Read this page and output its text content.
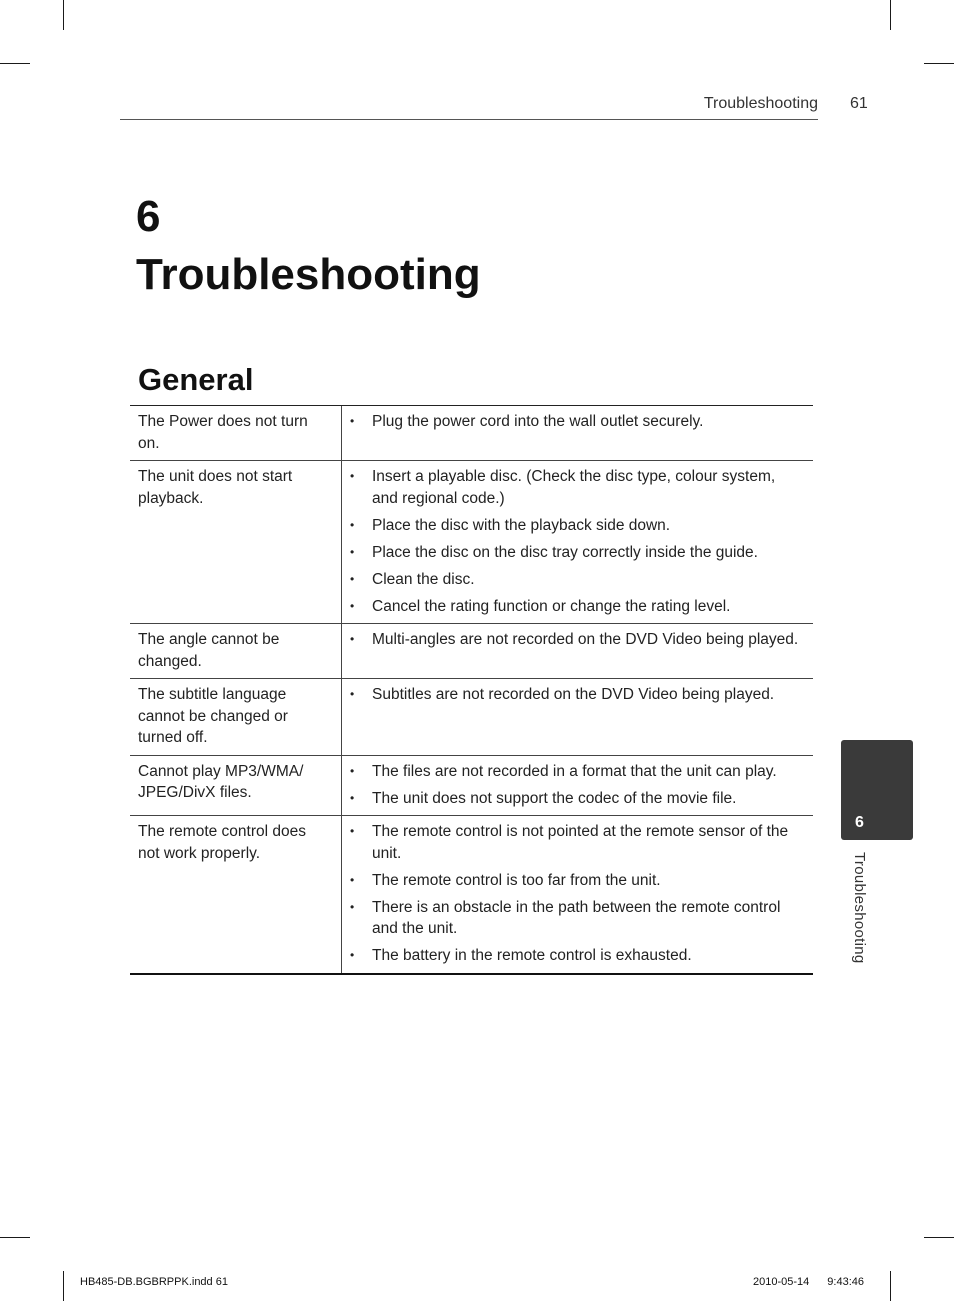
Troubleshooting 61
6
Troubleshooting
General
The Power does not turn on.
• Plug the power cord into the wall outlet securely.
The unit does not start playback.
• Insert a playable disc. (Check the disc type, colour system, and regional code.)
• Place the disc with the playback side down.
• Place the disc on the disc tray correctly inside the guide.
• Clean the disc.
• Cancel the rating function or change the rating level.
The angle cannot be changed.
• Multi-angles are not recorded on the DVD Video being played.
The subtitle language cannot be changed or turned off.
• Subtitles are not recorded on the DVD Video being played.
Cannot play MP3/WMA/ JPEG/DivX files.
• The files are not recorded in a format that the unit can play.
• The unit does not support the codec of the movie file.
The remote control does not work properly.
• The remote control is not pointed at the remote sensor of the unit.
• The remote control is too far from the unit.
• There is an obstacle in the path between the remote control and the unit.
• The battery in the remote control is exhausted.
6
Troubleshooting
HB485-DB.BGBRPPK.indd 61	2010-05-14 9:43:46
